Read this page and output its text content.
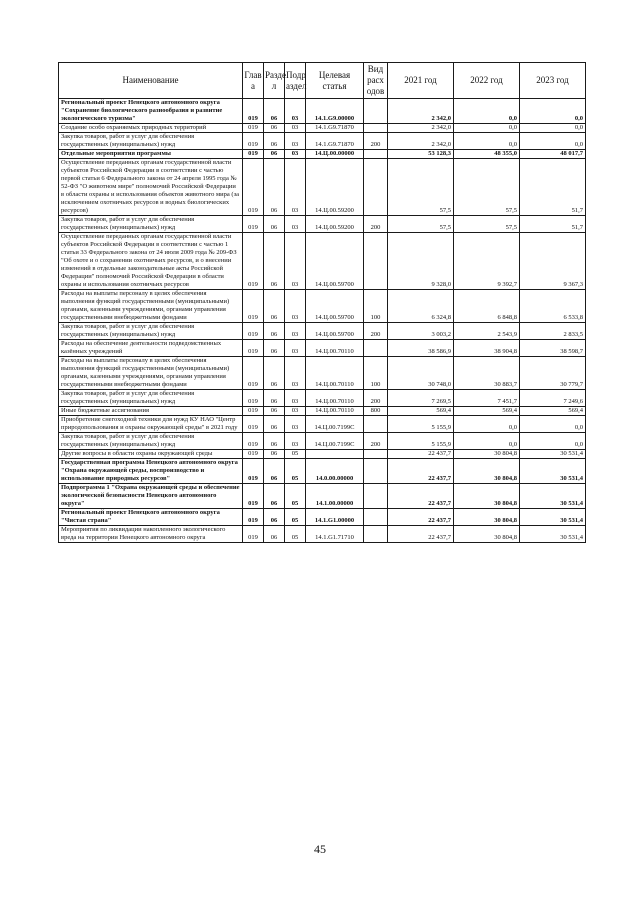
Наименование	Глав а	Разде л	Подр аздел	Целевая статья	Вид расх одов	2021 год	2022 год	2023 год
Региональный проект Ненецкого автономного округа "Сохранение биологического разнообразия и развитие экологического туризма"	019	06	03	14.1.G9.00000		2 342,0	0,0	0,0
Создание особо охраняемых природных территорий	019	06	03	14.1.G9.71870		2 342,0	0,0	0,0
Закупка товаров, работ и услуг для обеспечения государственных (муниципальных) нужд	019	06	03	14.1.G9.71870	200	2 342,0	0,0	0,0
Отдельные мероприятия программы	019	06	03	14.Ц.00.00000		53 128,3	48 355,0	48 017,7
Осуществление переданных органам государственной власти субъектов Российской Федерации в соответствии с частью первой статьи 6 Федерального закона от 24 апреля 1995 года № 52-ФЗ "О животном мире" полномочий Российской Федерации в области охраны и использования объектов животного мира (за исключением охотничьих ресурсов и водных биологических ресурсов)	019	06	03	14.Ц.00.59200		57,5	57,5	51,7
Закупка товаров, работ и услуг для обеспечения государственных (муниципальных) нужд	019	06	03	14.Ц.00.59200	200	57,5	57,5	51,7
Осуществление переданных органам государственной власти субъектов Российской Федерации в соответствии с частью 1 статьи 33 Федерального закона от 24 июля 2009 года № 209-ФЗ "Об охоте и о сохранении охотничьих ресурсов, и о внесении изменений в отдельные законодательные акты Российской Федерации" полномочий Российской Федерации в области охраны и использования охотничьих ресурсов	019	06	03	14.Ц.00.59700		9 328,0	9 392,7	9 367,3
Расходы на выплаты персоналу в целях обеспечения выполнения функций государственными (муниципальными) органами, казенными учреждениями, органами управления государственными внебюджетными фондами	019	06	03	14.Ц.00.59700	100	6 324,8	6 848,8	6 533,8
Закупка товаров, работ и услуг для обеспечения государственных (муниципальных) нужд	019	06	03	14.Ц.00.59700	200	3 003,2	2 543,9	2 833,5
Расходы на обеспечение деятельности подведомственных казённых учреждений	019	06	03	14.Ц.00.70110		38 586,9	38 904,8	38 598,7
Расходы на выплаты персоналу в целях обеспечения выполнения функций государственными (муниципальными) органами, казенными учреждениями, органами управления государственными внебюджетными фондами	019	06	03	14.Ц.00.70110	100	30 748,0	30 883,7	30 779,7
Закупка товаров, работ и услуг для обеспечения государственных (муниципальных) нужд	019	06	03	14.Ц.00.70110	200	7 269,5	7 451,7	7 249,6
Иные бюджетные ассигнования	019	06	03	14.Ц.00.70110	800	569,4	569,4	569,4
Приобретение снегоходной техники для нужд КУ НАО "Центр природопользования и охраны окружающей среды" в 2021 году	019	06	03	14.Ц.00.7199С		5 155,9	0,0	0,0
Закупка товаров, работ и услуг для обеспечения государственных (муниципальных) нужд	019	06	03	14.Ц.00.7199С	200	5 155,9	0,0	0,0
Другие вопросы в области охраны окружающей среды	019	06	05			22 437,7	30 804,8	30 531,4
Государственная программа Ненецкого автономного округа "Охрана окружающей среды, воспроизводство и использование природных ресурсов"	019	06	05	14.0.00.00000		22 437,7	30 804,8	30 531,4
Подпрограмма 1 "Охрана окружающей среды и обеспечение экологической безопасности Ненецкого автономного округа"	019	06	05	14.1.00.00000		22 437,7	30 804,8	30 531,4
Региональный проект Ненецкого автономного округа "Чистая страна"	019	06	05	14.1.G1.00000		22 437,7	30 804,8	30 531,4
Мероприятия по ликвидации накопленного экологического вреда на территории Ненецкого автономного округа	019	06	05	14.1.G1.71710		22 437,7	30 804,8	30 531,4
45
